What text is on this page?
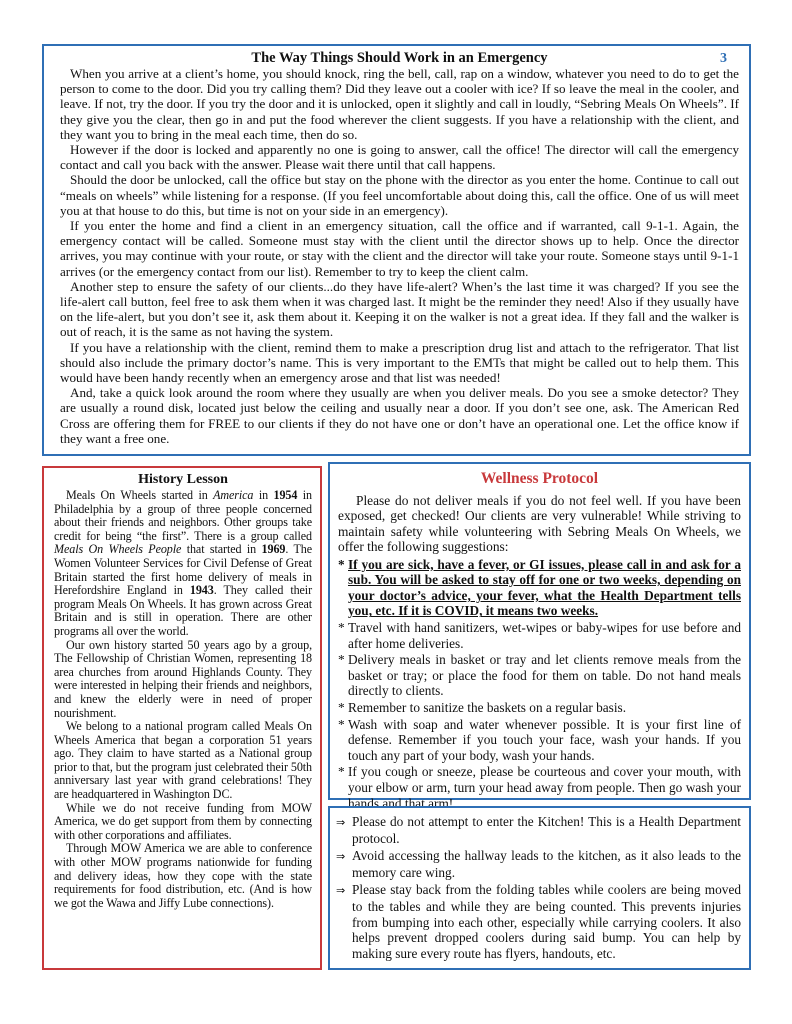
3
The Way Things Should Work in an Emergency

When you arrive at a client’s home, you should knock, ring the bell, call, rap on a window, whatever you need to do to get the person to come to the door. Did you try calling them? Did they leave out a cooler with ice? If so leave the meal in the cooler, and leave. If not, try the door. If you try the door and it is unlocked, open it slightly and call in loudly, “Sebring Meals On Wheels”. If they give you the clear, then go in and put the food wherever the client suggests. If you have a relationship with the client, and they want you to bring in the meal each time, then do so.

However if the door is locked and apparently no one is going to answer, call the office! The director will call the emergency contact and call you back with the answer. Please wait there until that call happens.

Should the door be unlocked, call the office but stay on the phone with the director as you enter the home. Continue to call out “meals on wheels” while listening for a response. (If you feel uncomfortable about doing this, call the office. One of us will meet you at that house to do this, but time is not on your side in an emergency).

If you enter the home and find a client in an emergency situation, call the office and if warranted, call 9-1-1. Again, the emergency contact will be called. Someone must stay with the client until the director shows up to help. Once the director arrives, you may continue with your route, or stay with the client and the director will take your route. Someone stays until 9-1-1 arrives (or the emergency contact from our list). Remember to try to keep the client calm.

Another step to ensure the safety of our clients...do they have life-alert? When’s the last time it was charged? If you see the life-alert call button, feel free to ask them when it was charged last. It might be the reminder they need! Also if they usually have on the life-alert, but you don’t see it, ask them about it. Keeping it on the walker is not a great idea. If they fall and the walker is out of reach, it is the same as not having the system.

If you have a relationship with the client, remind them to make a prescription drug list and attach to the refrigerator. That list should also include the primary doctor’s name. This is very important to the EMTs that might be called out to help them. This would have been handy recently when an emergency arose and that list was needed!

And, take a quick look around the room where they usually are when you deliver meals. Do you see a smoke detector? They are usually a round disk, located just below the ceiling and usually near a door. If you don’t see one, ask. The American Red Cross are offering them for FREE to our clients if they do not have one or don’t have an operational one. Let the office know if they want a free one.

History Lesson

Meals On Wheels started in America in 1954 in Philadelphia by a group of three people concerned about their friends and neighbors. Other groups take credit for being “the first”. There is a group called Meals On Wheels People that started in 1969. The Women Volunteer Services for Civil Defense of Great Britain started the first home delivery of meals in Herefordshire England in 1943. They called their program Meals On Wheels. It has grown across Great Britain and is still in operation. There are other programs all over the world.

Our own history started 50 years ago by a group, The Fellowship of Christian Women, representing 18 area churches from around Highlands County. They were interested in helping their friends and neighbors, and knew the elderly were in need of proper nourishment.

We belong to a national program called Meals On Wheels America that began a corporation 51 years ago. They claim to have started as a National group prior to that, but the program just celebrated their 50th anniversary last year with grand celebrations! They are headquartered in Washington DC.

While we do not receive funding from MOW America, we do get support from them by connecting with other corporations and affiliates.

Through MOW America we are able to conference with other MOW programs nationwide for funding and delivery ideas, how they cope with the state requirements for food distribution, etc. (And is how we got the Wawa and Jiffy Lube connections).

Wellness Protocol

Please do not deliver meals if you do not feel well. If you have been exposed, get checked! Our clients are very vulnerable! While striving to maintain safety while volunteering with Sebring Meals On Wheels, we offer the following suggestions:

* If you are sick, have a fever, or GI issues, please call in and ask for a sub. You will be asked to stay off for one or two weeks, depending on your doctor’s advice, your fever, what the Health Department tells you, etc. If it is COVID, it means two weeks.

* Travel with hand sanitizers, wet-wipes or baby-wipes for use before and after home deliveries.

* Delivery meals in basket or tray and let clients remove meals from the basket or tray; or place the food for them on table. Do not hand meals directly to clients.

* Remember to sanitize the baskets on a regular basis.

* Wash with soap and water whenever possible. It is your first line of defense. Remember if you touch your face, wash your hands. If you touch any part of your body, wash your hands.

* If you cough or sneeze, please be courteous and cover your mouth, with your elbow or arm, turn your head away from people. Then go wash your hands and that arm!

⇒ Please do not attempt to enter the Kitchen! This is a Health Department protocol.

⇒ Avoid accessing the hallway leads to the kitchen, as it also leads to the memory care wing.

⇒ Please stay back from the folding tables while coolers are being moved to the tables and while they are being counted. This prevents injuries from bumping into each other, especially while carrying coolers. It also helps prevent dropped coolers during said bump. You can help by making sure every route has flyers, handouts, etc.
